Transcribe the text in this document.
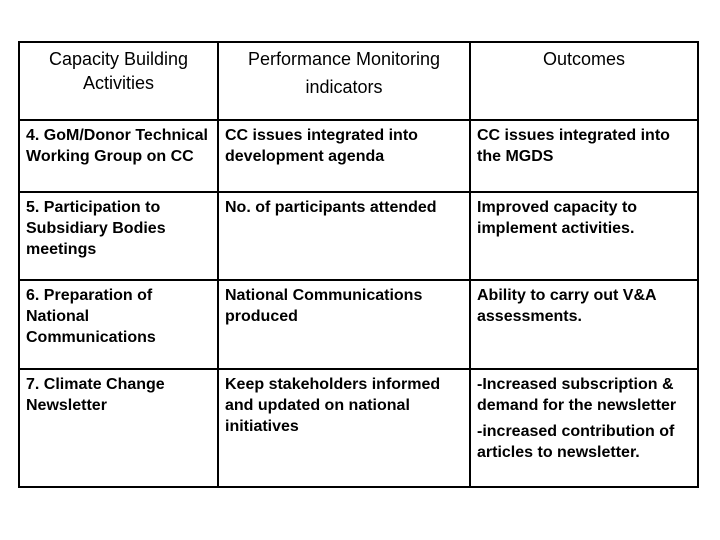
Capacity Building Activities	Performance Monitoring indicators	Outcomes
4. GoM/Donor Technical Working Group on CC	CC issues integrated into development agenda	CC issues integrated into the MGDS

5. Participation to Subsidiary Bodies meetings	No. of participants attended	Improved capacity to implement activities.

6. Preparation of National Communications	National Communications produced	Ability to carry out V&A assessments.

7. Climate Change Newsletter	Keep stakeholders informed and updated on national initiatives	-Increased subscription & demand for the newsletter
-increased contribution of articles to newsletter.
